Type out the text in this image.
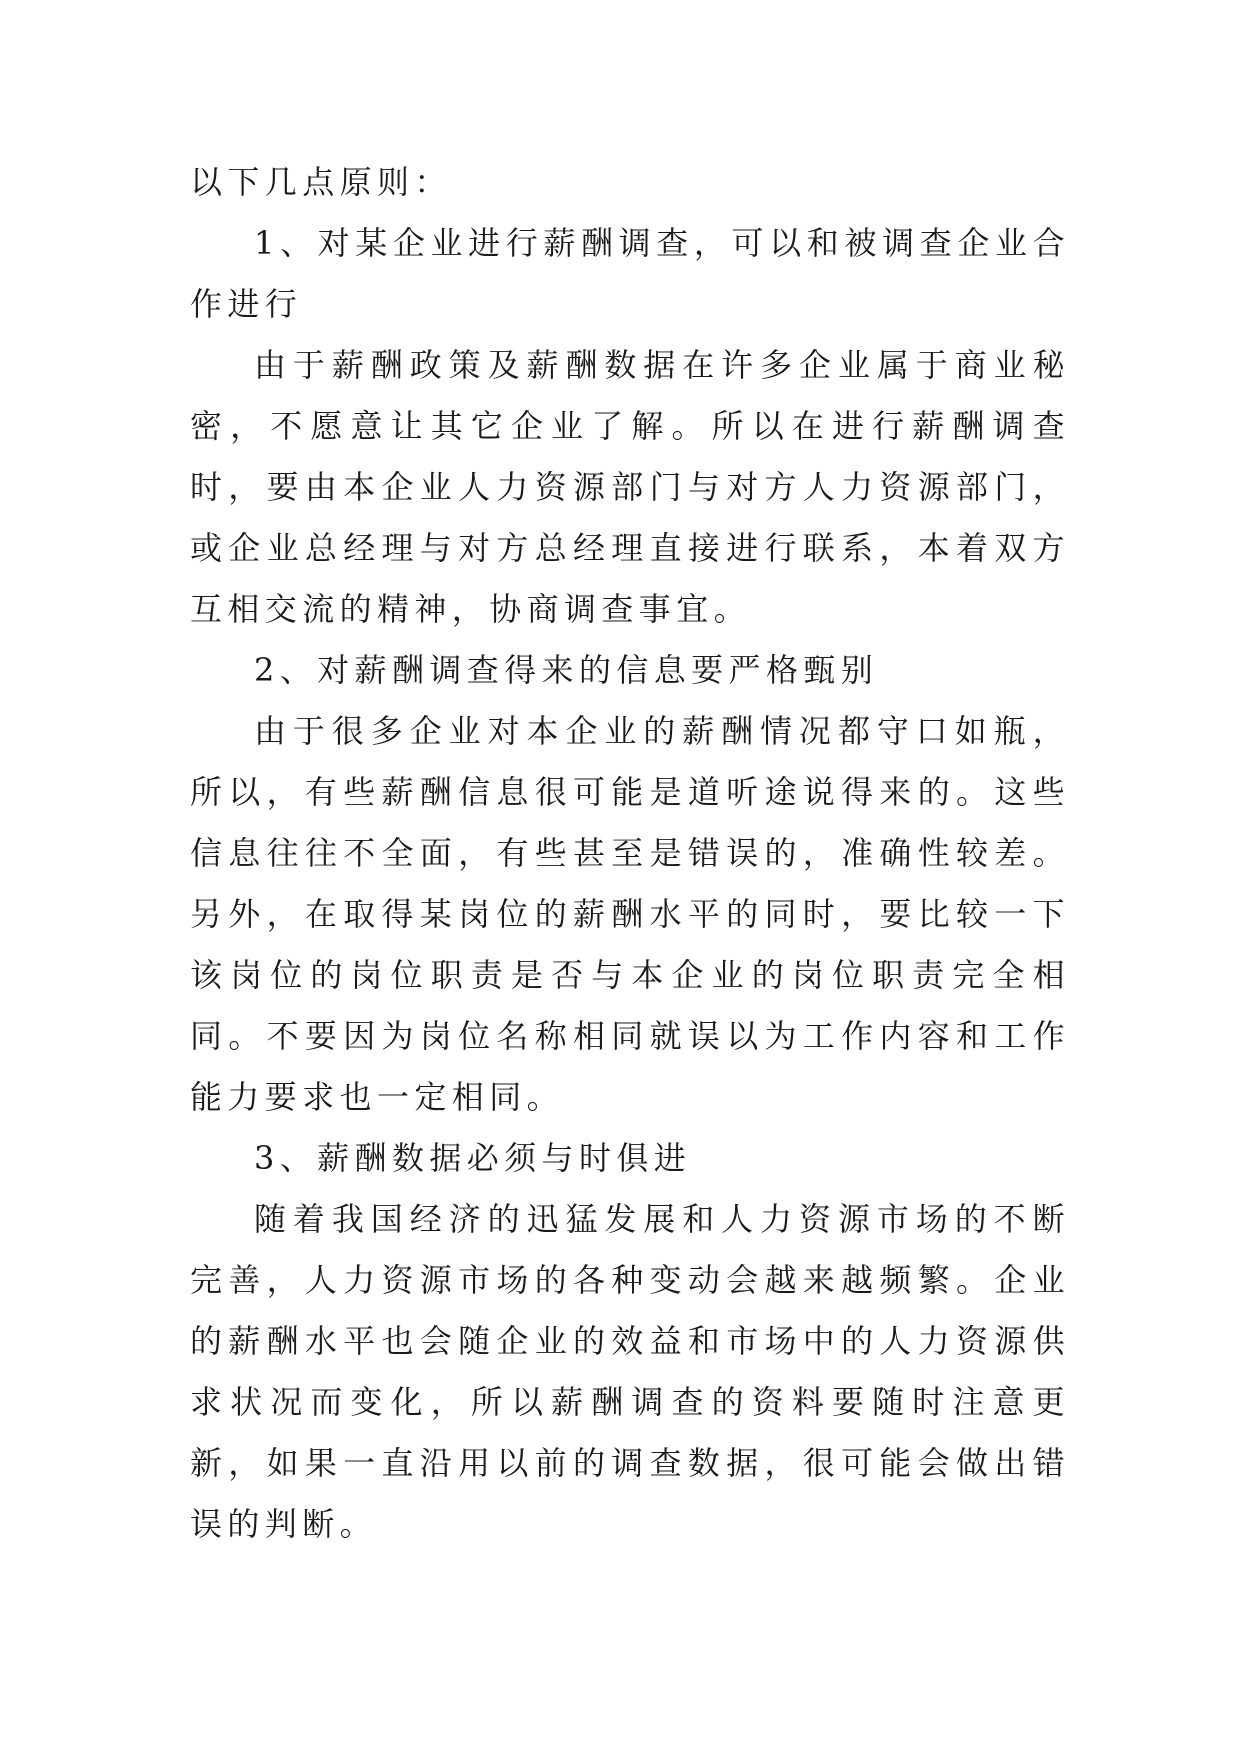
以下几点原则：

1、对某企业进行薪酬调查，可以和被调查企业合作进行

由于薪酬政策及薪酬数据在许多企业属于商业秘密，不愿意让其它企业了解。所以在进行薪酬调查时，要由本企业人力资源部门与对方人力资源部门，或企业总经理与对方总经理直接进行联系，本着双方互相交流的精神，协商调查事宜。

2、对薪酬调查得来的信息要严格甄别

由于很多企业对本企业的薪酬情况都守口如瓶，所以，有些薪酬信息很可能是道听途说得来的。这些信息往往不全面，有些甚至是错误的，准确性较差。另外，在取得某岗位的薪酬水平的同时，要比较一下该岗位的岗位职责是否与本企业的岗位职责完全相同。不要因为岗位名称相同就误以为工作内容和工作能力要求也一定相同。

3、薪酬数据必须与时俱进

随着我国经济的迅猛发展和人力资源市场的不断完善，人力资源市场的各种变动会越来越频繁。企业的薪酬水平也会随企业的效益和市场中的人力资源供求状况而变化，所以薪酬调查的资料要随时注意更新，如果一直沿用以前的调查数据，很可能会做出错误的判断。
